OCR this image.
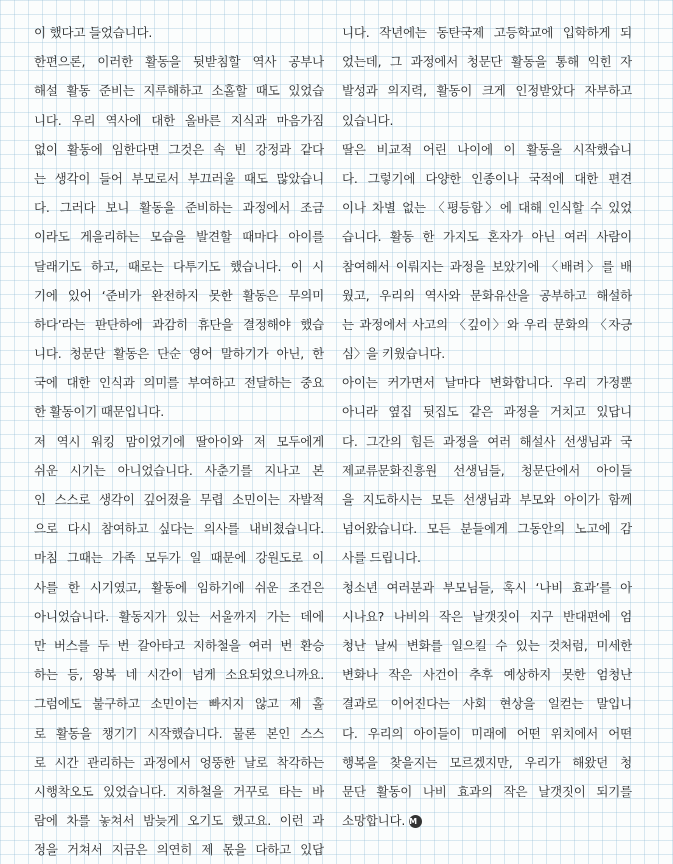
이 했다고 들었습니다.
한편으론, 이러한 활동을 뒷받침할 역사 공부나
해설 활동 준비는 지루해하고 소홀할 때도 있었습
니다. 우리 역사에 대한 올바른 지식과 마음가짐
없이 활동에 임한다면 그것은 속 빈 강정과 같다
는 생각이 들어 부모로서 부끄러울 때도 많았습니
다. 그러다 보니 활동을 준비하는 과정에서 조금
이라도 게을리하는 모습을 발견할 때마다 아이를
달래기도 하고, 때로는 다투기도 했습니다. 이 시
기에 있어 ‘준비가 완전하지 못한 활동은 무의미
하다’라는 판단하에 과감히 휴단을 결정해야 했습
니다. 청문단 활동은 단순 영어 말하기가 아닌, 한
국에 대한 인식과 의미를 부여하고 전달하는 중요
한 활동이기 때문입니다.
저 역시 워킹 맘이었기에 딸아이와 저 모두에게
쉬운 시기는 아니었습니다. 사춘기를 지나고 본
인 스스로 생각이 깊어졌을 무렵 소민이는 자발적
으로 다시 참여하고 싶다는 의사를 내비쳤습니다.
마침 그때는 가족 모두가 일 때문에 강원도로 이
사를 한 시기였고, 활동에 임하기에 쉬운 조건은
아니었습니다. 활동지가 있는 서울까지 가는 데에
만 버스를 두 번 갈아타고 지하철을 여러 번 환승
하는 등, 왕복 네 시간이 넘게 소요되었으니까요.
그럼에도 불구하고 소민이는 빠지지 않고 제 홀
로 활동을 챙기기 시작했습니다. 물론 본인 스스
로 시간 관리하는 과정에서 엉뚱한 날로 착각하는
시행착오도 있었습니다. 지하철을 거꾸로 타는 바
람에 차를 놓쳐서 밤늦게 오기도 했고요. 이런 과
정을 거쳐서 지금은 의연히 제 몫을 다하고 있답
니다. 작년에는 동탄국제 고등학교에 입학하게 되
었는데, 그 과정에서 청문단 활동을 통해 익힌 자
발성과 의지력, 활동이 크게 인정받았다 자부하고
있습니다.
딸은 비교적 어린 나이에 이 활동을 시작했습니
다. 그렇기에 다양한 인종이나 국적에 대한 편견
이나 차별 없는 〈평등함〉에 대해 인식할 수 있었
습니다. 활동 한 가지도 혼자가 아닌 여러 사람이
참여해서 이뤄지는 과정을 보았기에 〈배려〉를 배
웠고, 우리의 역사와 문화유산을 공부하고 해설하
는 과정에서 사고의 〈깊이〉와 우리 문화의 〈자긍
심〉을 키웠습니다.
아이는 커가면서 날마다 변화합니다. 우리 가정뿐
아니라 옆집 뒷집도 같은 과정을 거치고 있답니
다. 그간의 힘든 과정을 여러 해설사 선생님과 국
제교류문화진흥원 선생님들, 청문단에서 아이들
을 지도하시는 모든 선생님과 부모와 아이가 함께
넘어왔습니다. 모든 분들에게 그동안의 노고에 감
사를 드립니다.
청소년 여러분과 부모님들, 혹시 ‘나비 효과’를 아
시나요? 나비의 작은 날갯짓이 지구 반대편에 엄
청난 날씨 변화를 일으킬 수 있는 것처럼, 미세한
변화나 작은 사건이 추후 예상하지 못한 엄청난
결과로 이어진다는 사회 현상을 일컫는 말입니
다. 우리의 아이들이 미래에 어떤 위치에서 어떤
행복을 찾을지는 모르겠지만, 우리가 해왔던 청
문단 활동이 나비 효과의 작은 날갯짓이 되기를
소망합니다. M
